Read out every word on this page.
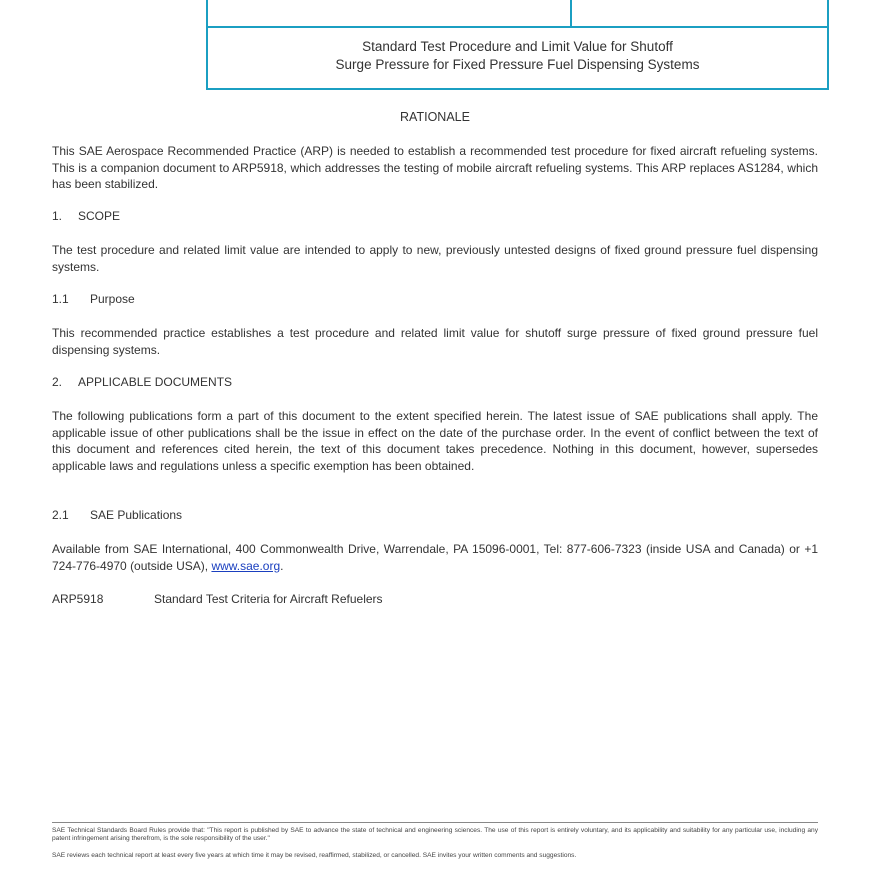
Standard Test Procedure and Limit Value for Shutoff
Surge Pressure for Fixed Pressure Fuel Dispensing Systems
RATIONALE
This SAE Aerospace Recommended Practice (ARP) is needed to establish a recommended test procedure for fixed aircraft refueling systems. This is a companion document to ARP5918, which addresses the testing of mobile aircraft refueling systems. This ARP replaces AS1284, which has been stabilized.
1. SCOPE
The test procedure and related limit value are intended to apply to new, previously untested designs of fixed ground pressure fuel dispensing systems.
1.1 Purpose
This recommended practice establishes a test procedure and related limit value for shutoff surge pressure of fixed ground pressure fuel dispensing systems.
2. APPLICABLE DOCUMENTS
The following publications form a part of this document to the extent specified herein. The latest issue of SAE publications shall apply. The applicable issue of other publications shall be the issue in effect on the date of the purchase order. In the event of conflict between the text of this document and references cited herein, the text of this document takes precedence. Nothing in this document, however, supersedes applicable laws and regulations unless a specific exemption has been obtained.
2.1 SAE Publications
Available from SAE International, 400 Commonwealth Drive, Warrendale, PA 15096-0001, Tel: 877-606-7323 (inside USA and Canada) or +1 724-776-4970 (outside USA), www.sae.org.
ARP5918	Standard Test Criteria for Aircraft Refuelers
SAE Technical Standards Board Rules provide that: "This report is published by SAE to advance the state of technical and engineering sciences. The use of this report is entirely voluntary, and its applicability and suitability for any particular use, including any patent infringement arising therefrom, is the sole responsibility of the user."
SAE reviews each technical report at least every five years at which time it may be revised, reaffirmed, stabilized, or cancelled. SAE invites your written comments and suggestions.
